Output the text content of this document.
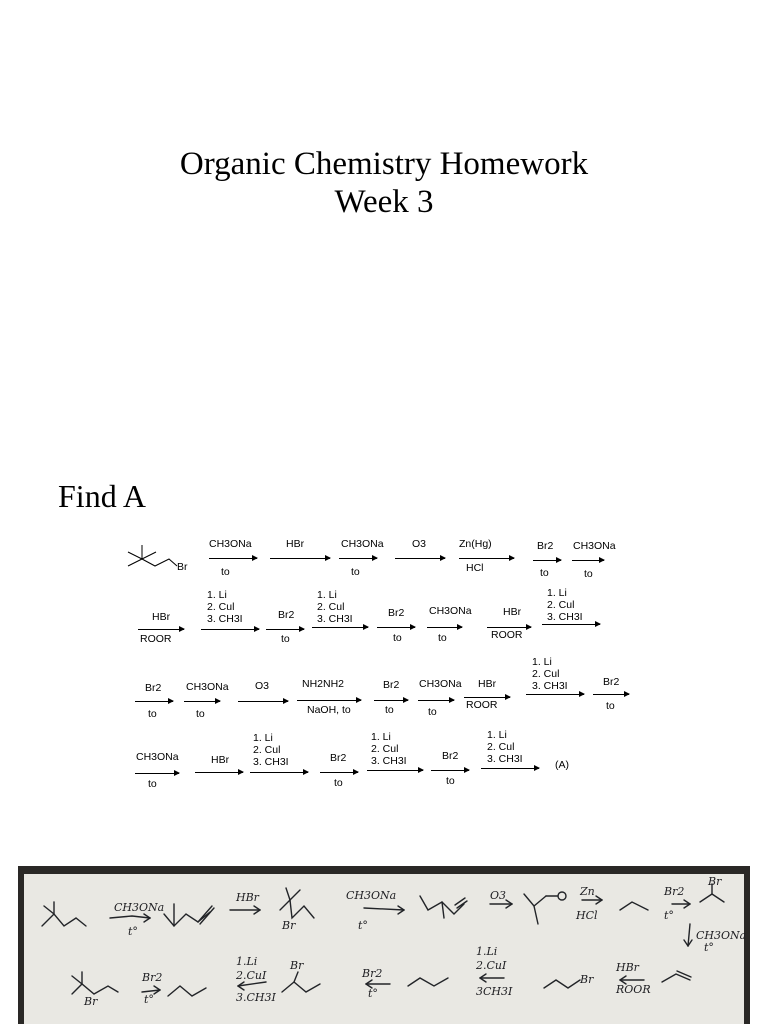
Organic Chemistry Homework
Week 3
Find A
Br
CH3ONa
to
HBr	CH3ONa
to
O3	Zn(Hg)
HCl
Br2
to
CH3ONa
to
HBr
ROOR
1. Li
2. Cul
3. CH3I	Br2
to
1. Li
2. Cul
3. CH3I	Br2
to
CH3ONa
to
HBr
ROOR
1. Li
2. Cul
3. CH3I
Br2
to
CH3ONa
to
O3	NH2NH2
NaOH, to
Br2
to
CH3ONa
to
HBr
ROOR
1. Li
2. Cul
3. CH3I	Br2
to
CH3ONa
to
HBr
1. Li
2. Cul
3. CH3I	Br2
to
1. Li
2. Cul
3. CH3I	Br2
to
1. Li
2. Cul
3. CH3I	(A)
CH3ONa
t°
HBr
Br
CH3ONa
t°
O3	Zn
HCl
Br2
t°
Br
CH3ONa
t°
Br2
t°
Br
1.Li
2.CuI
3.CH3I
Br
Br2
t°
1.Li
2.CuI
3CH3I
Br
HBr
ROOR
